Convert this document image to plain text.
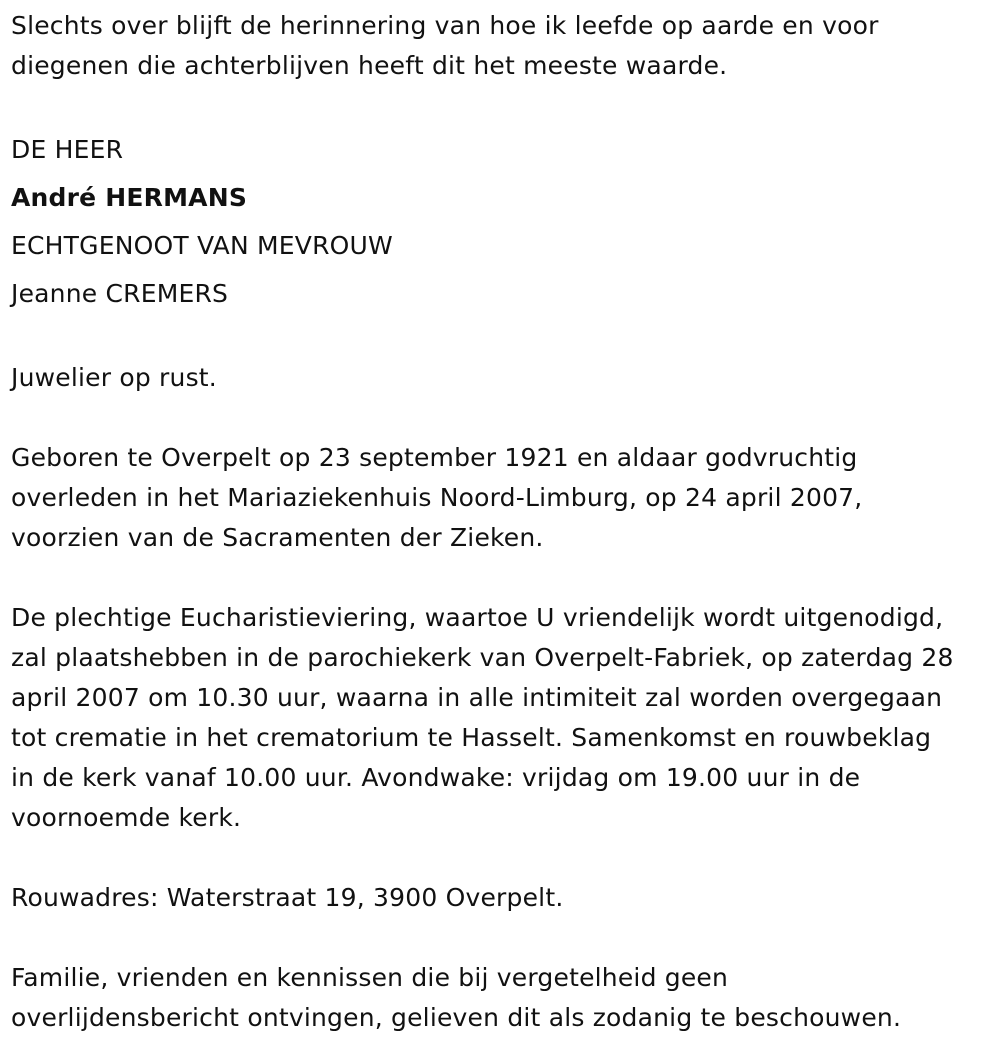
Slechts over blijft de herinnering van hoe ik leefde op aarde en voor
diegenen die achterblijven heeft dit het meeste waarde.

DE HEER

André HERMANS

ECHTGENOOT VAN MEVROUW

Jeanne CREMERS

Juwelier op rust.

Geboren te Overpelt op 23 september 1921 en aldaar godvruchtig
overleden in het Mariaziekenhuis Noord-Limburg, op 24 april 2007,
voorzien van de Sacramenten der Zieken.

De plechtige Eucharistieviering, waartoe U vriendelijk wordt uitgenodigd,
zal plaatshebben in de parochiekerk van Overpelt-Fabriek, op zaterdag 28
april 2007 om 10.30 uur, waarna in alle intimiteit zal worden overgegaan
tot crematie in het crematorium te Hasselt. Samenkomst en rouwbeklag
in de kerk vanaf 10.00 uur. Avondwake: vrijdag om 19.00 uur in de
voornoemde kerk.

Rouwadres: Waterstraat 19, 3900 Overpelt.

Familie, vrienden en kennissen die bij vergetelheid geen
overlijdensbericht ontvingen, gelieven dit als zodanig te beschouwen.
